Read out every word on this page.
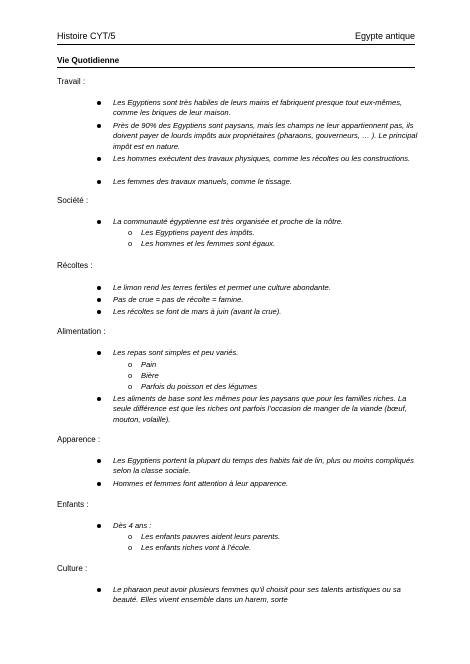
Histoire CYT/5	Egypte antique
Vie Quotidienne
Travail :
Les Egyptiens sont très habiles de leurs mains et fabriquent presque tout eux-mêmes, comme les briques de leur maison.
Près de 90% des Egyptiens sont paysans, mais les champs ne leur appartiennent pas, ils doivent payer de lourds impôts aux propriétaires (pharaons, gouverneurs, … ). Le principal impôt est en nature.
Les hommes exécutent des travaux physiques, comme les récoltes ou les constructions.
Les femmes des travaux manuels, comme le tissage.
Société :
La communauté égyptienne est très organisée et proche de la nôtre.
o Les Egyptiens payent des impôts.
o Les hommes et les femmes sont égaux.
Récoltes :
Le limon rend les terres fertiles et permet une culture abondante.
Pas de crue = pas de récolte = famine.
Les récoltes se font de mars à juin (avant la crue).
Alimentation :
Les repas sont simples et peu variés.
o Pain
o Bière
o Parfois du poisson et des légumes
Les aliments de base sont les mêmes pour les paysans que pour les familles riches. La seule différence est que les riches ont parfois l’occasion de manger de la viande (bœuf, mouton, volaille).
Apparence :
Les Egyptiens portent la plupart du temps des habits fait de lin, plus ou moins compliqués selon la classe sociale.
Hommes et femmes font attention à leur apparence.
Enfants :
Dès 4 ans :
o Les enfants pauvres aident leurs parents.
o Les enfants riches vont à l’école.
Culture :
Le pharaon peut avoir plusieurs femmes qu’il choisit pour ses talents artistiques ou sa beauté. Elles vivent ensemble dans un harem, sorte
